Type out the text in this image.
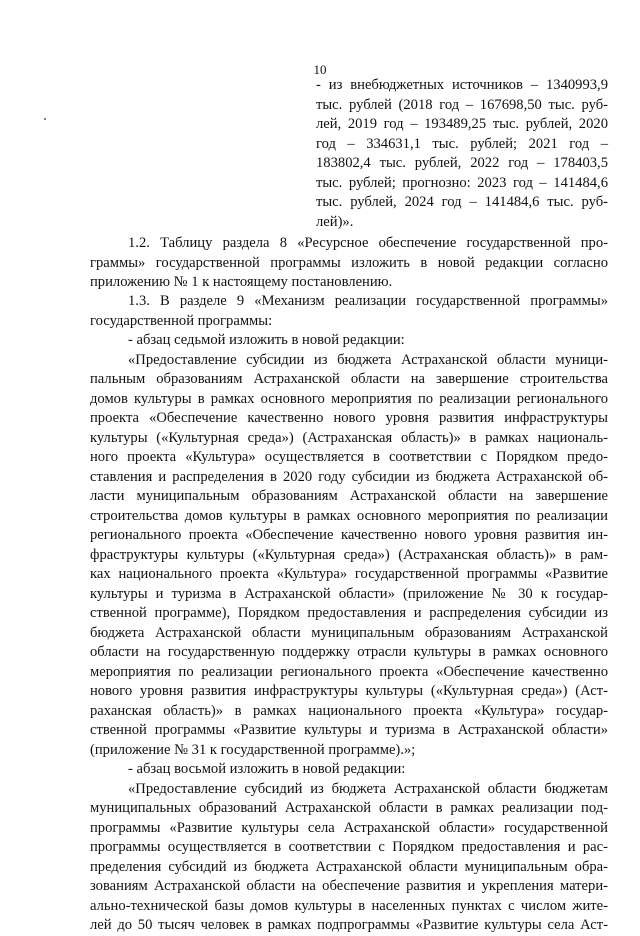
10
- из внебюджетных источников – 1340993,9
тыс. рублей (2018 год – 167698,50 тыс. руб-
лей, 2019 год – 193489,25 тыс. рублей, 2020
год – 334631,1 тыс. рублей; 2021 год –
183802,4 тыс. рублей, 2022 год – 178403,5
тыс. рублей; прогнозно: 2023 год – 141484,6
тыс. рублей, 2024 год – 141484,6 тыс. руб-
лей)».
1.2. Таблицу раздела 8 «Ресурсное обеспечение государственной про-
граммы» государственной программы изложить в новой редакции согласно
приложению № 1 к настоящему постановлению.
1.3. В разделе 9 «Механизм реализации государственной программы»
государственной программы:
- абзац седьмой изложить в новой редакции:
«Предоставление субсидии из бюджета Астраханской области муници-
пальным образованиям Астраханской области на завершение строительства
домов культуры в рамках основного мероприятия по реализации регионального
проекта «Обеспечение качественно нового уровня развития инфраструктуры
культуры («Культурная среда») (Астраханская область)» в рамках националь-
ного проекта «Культура» осуществляется в соответствии с Порядком предо-
ставления и распределения в 2020 году субсидии из бюджета Астраханской об-
ласти муниципальным образованиям Астраханской области на завершение
строительства домов культуры в рамках основного мероприятия по реализации
регионального проекта «Обеспечение качественно нового уровня развития ин-
фраструктуры культуры («Культурная среда») (Астраханская область)» в рам-
ках национального проекта «Культура» государственной программы «Развитие
культуры и туризма в Астраханской области» (приложение № 30 к государ-
ственной программе), Порядком предоставления и распределения субсидии из
бюджета Астраханской области муниципальным образованиям Астраханской
области на государственную поддержку отрасли культуры в рамках основного
мероприятия по реализации регионального проекта «Обеспечение качественно
нового уровня развития инфраструктуры культуры («Культурная среда») (Аст-
раханская область)» в рамках национального проекта «Культура» государ-
ственной программы «Развитие культуры и туризма в Астраханской области»
(приложение № 31 к государственной программе).»;
- абзац восьмой изложить в новой редакции:
«Предоставление субсидий из бюджета Астраханской области бюджетам
муниципальных образований Астраханской области в рамках реализации под-
программы «Развитие культуры села Астраханской области» государственной
программы осуществляется в соответствии с Порядком предоставления и рас-
пределения субсидий из бюджета Астраханской области муниципальным обра-
зованиям Астраханской области на обеспечение развития и укрепления матери-
ально-технической базы домов культуры в населенных пунктах с числом жите-
лей до 50 тысяч человек в рамках подпрограммы «Развитие культуры села Аст-
